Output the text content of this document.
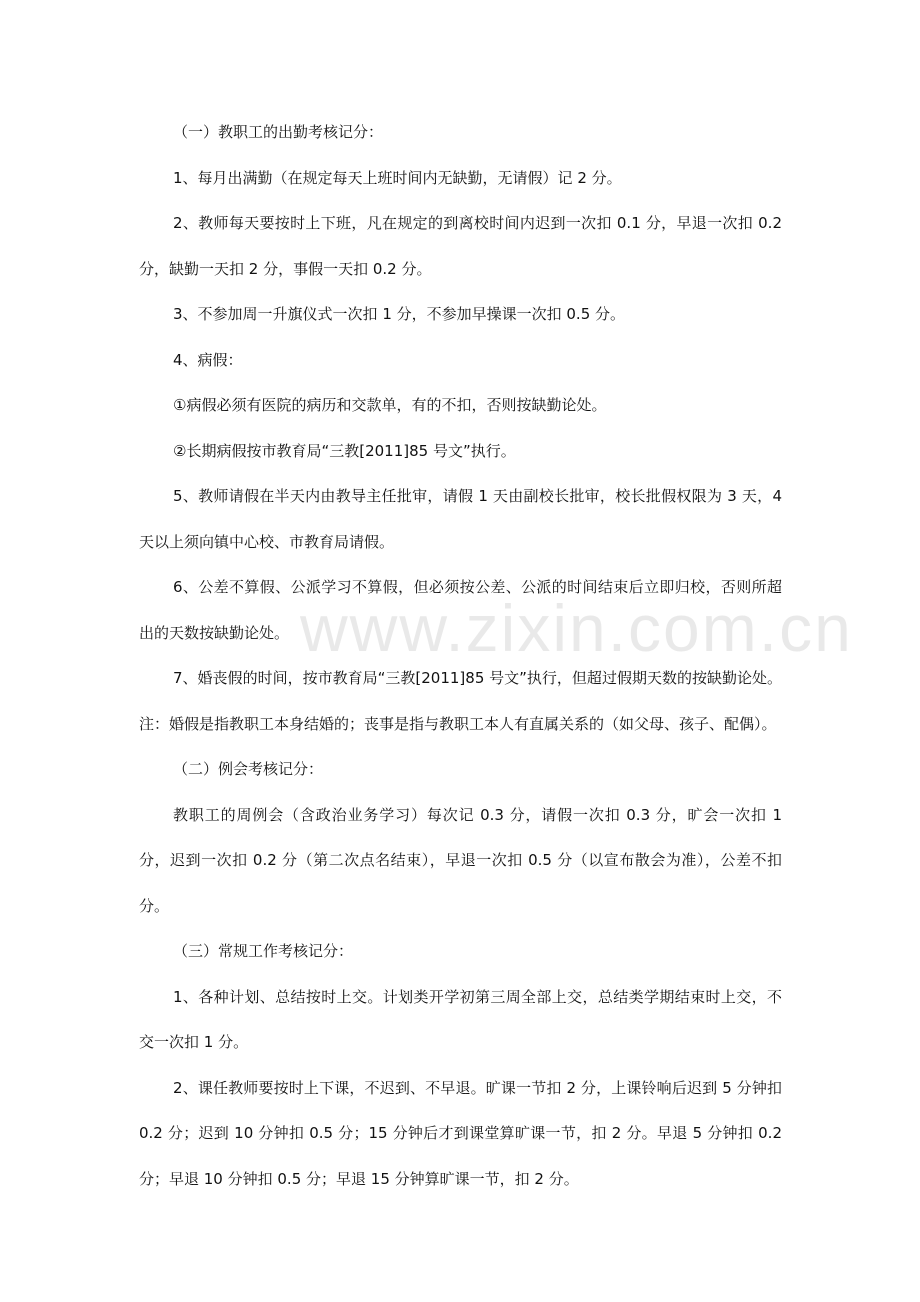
www.zixin.com.cn

（一）教职工的出勤考核记分：

1、每月出满勤（在规定每天上班时间内无缺勤，无请假）记 2 分。

2、教师每天要按时上下班，凡在规定的到离校时间内迟到一次扣 0.1 分，早退一次扣 0.2 分，缺勤一天扣 2 分，事假一天扣 0.2 分。

3、不参加周一升旗仪式一次扣 1 分，不参加早操课一次扣 0.5 分。

4、病假：

①病假必须有医院的病历和交款单，有的不扣，否则按缺勤论处。

②长期病假按市教育局“三教[2011]85 号文”执行。

5、教师请假在半天内由教导主任批审，请假 1 天由副校长批审，校长批假权限为 3 天，4 天以上须向镇中心校、市教育局请假。

6、公差不算假、公派学习不算假，但必须按公差、公派的时间结束后立即归校，否则所超出的天数按缺勤论处。

7、婚丧假的时间，按市教育局“三教[2011]85 号文”执行，但超过假期天数的按缺勤论处。注：婚假是指教职工本身结婚的；丧事是指与教职工本人有直属关系的（如父母、孩子、配偶）。

（二）例会考核记分：

教职工的周例会（含政治业务学习）每次记 0.3 分，请假一次扣 0.3 分，旷会一次扣 1 分，迟到一次扣 0.2 分（第二次点名结束），早退一次扣 0.5 分（以宣布散会为准），公差不扣分。

（三）常规工作考核记分：

1、各种计划、总结按时上交。计划类开学初第三周全部上交，总结类学期结束时上交，不交一次扣 1 分。

2、课任教师要按时上下课，不迟到、不早退。旷课一节扣 2 分，上课铃响后迟到 5 分钟扣 0.2 分；迟到 10 分钟扣 0.5 分；15 分钟后才到课堂算旷课一节，扣 2 分。早退 5 分钟扣 0.2 分；早退 10 分钟扣 0.5 分；早退 15 分钟算旷课一节，扣 2 分。
